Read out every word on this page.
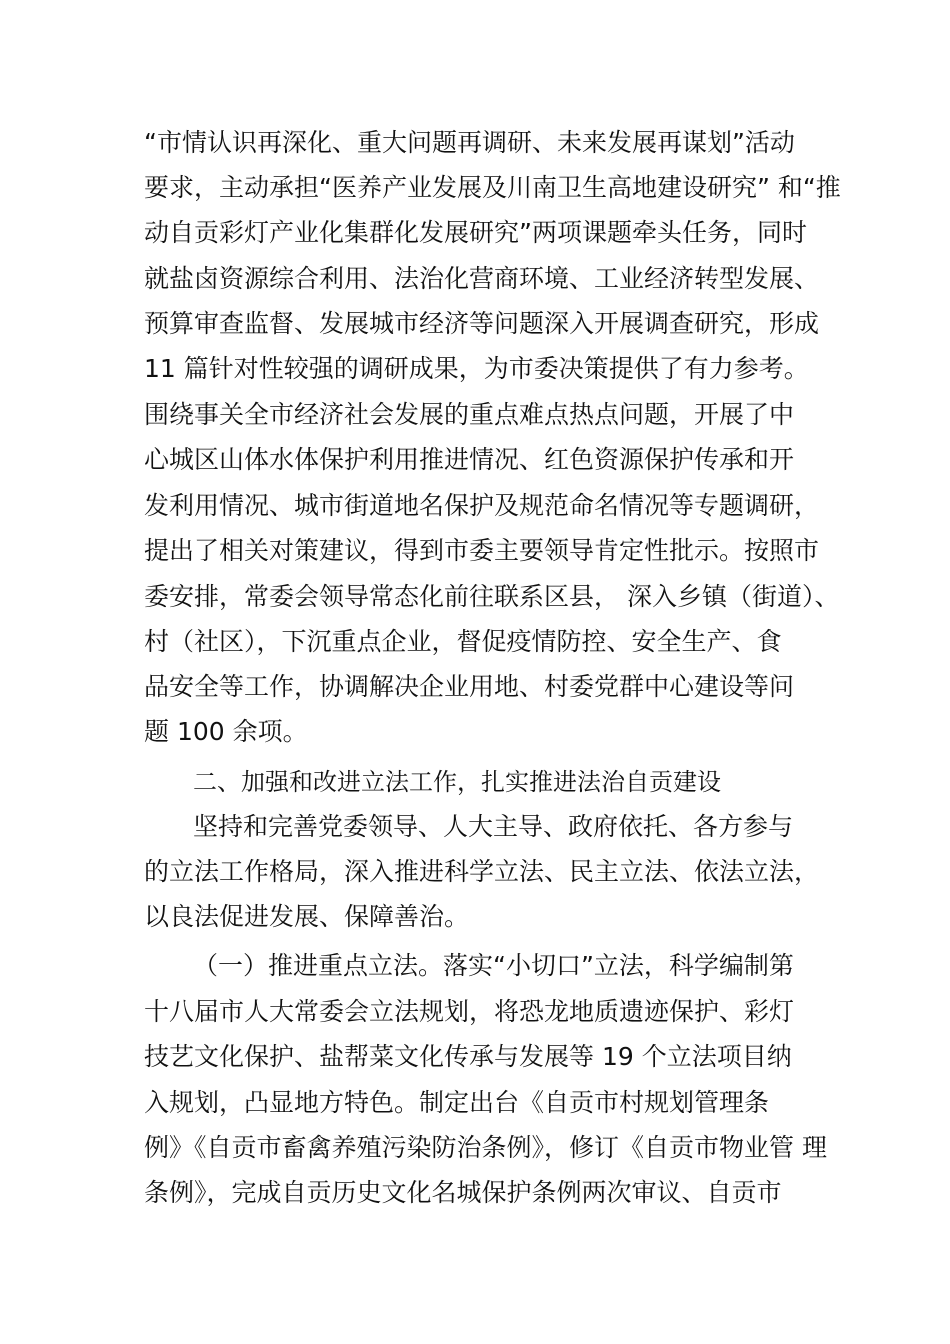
“市情认识再深化、重大问题再调研、未来发展再谋划”活动
要求，主动承担“医养产业发展及川南卫生高地建设研究” 和“推
动自贡彩灯产业化集群化发展研究”两项课题牵头任务，同时
就盐卤资源综合利用、法治化营商环境、工业经济转型发展、
预算审查监督、发展城市经济等问题深入开展调查研究，形成
11 篇针对性较强的调研成果，为市委决策提供了有力参考。
围绕事关全市经济社会发展的重点难点热点问题，开展了中
心城区山体水体保护利用推进情况、红色资源保护传承和开
发利用情况、城市街道地名保护及规范命名情况等专题调研，
提出了相关对策建议，得到市委主要领导肯定性批示。按照市
委安排，常委会领导常态化前往联系区县， 深入乡镇（街道）、
村（社区），下沉重点企业，督促疫情防控、安全生产、食
品安全等工作，协调解决企业用地、村委党群中心建设等问
题 100 余项。
二、加强和改进立法工作，扎实推进法治自贡建设
坚持和完善党委领导、人大主导、政府依托、各方参与
的立法工作格局，深入推进科学立法、民主立法、依法立法，
以良法促进发展、保障善治。
（一）推进重点立法。落实“小切口”立法，科学编制第
十八届市人大常委会立法规划，将恐龙地质遗迹保护、彩灯
技艺文化保护、盐帮菜文化传承与发展等 19 个立法项目纳
入规划，凸显地方特色。制定出台《自贡市村规划管理条
例》《自贡市畜禽养殖污染防治条例》，修订《自贡市物业管 理
条例》，完成自贡历史文化名城保护条例两次审议、自贡市
